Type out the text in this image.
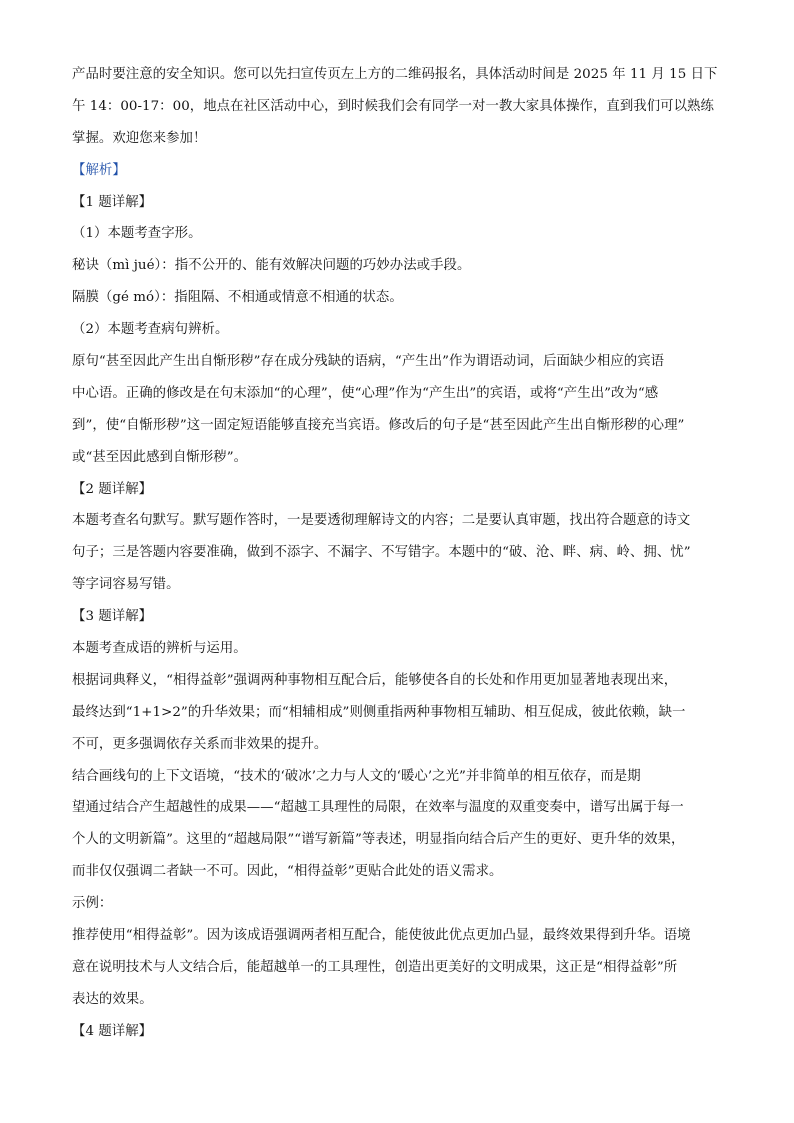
产品时要注意的安全知识。您可以先扫宣传页左上方的二维码报名，具体活动时间是 2025 年 11 月 15 日下
午 14：00-17：00，地点在社区活动中心，到时候我们会有同学一对一教大家具体操作，直到我们可以熟练
掌握。欢迎您来参加！
【解析】
【1 题详解】
（1）本题考查字形。
秘诀（mì jué）：指不公开的、能有效解决问题的巧妙办法或手段。
隔膜（gé mó）：指阻隔、不相通或情意不相通的状态。
（2）本题考查病句辨析。
原句“甚至因此产生出自惭形秽”存在成分残缺的语病，“产生出”作为谓语动词，后面缺少相应的宾语
中心语。正确的修改是在句末添加“的心理”，使“心理”作为“产生出”的宾语，或将“产生出”改为“感
到”，使“自惭形秽”这一固定短语能够直接充当宾语。修改后的句子是“甚至因此产生出自惭形秽的心理”
或“甚至因此感到自惭形秽”。
【2 题详解】
本题考查名句默写。默写题作答时，一是要透彻理解诗文的内容；二是要认真审题，找出符合题意的诗文
句子；三是答题内容要准确，做到不添字、不漏字、不写错字。本题中的“破、沧、畔、病、岭、拥、忧”
等字词容易写错。
【3 题详解】
本题考查成语的辨析与运用。
根据词典释义，“相得益彰”强调两种事物相互配合后，能够使各自的长处和作用更加显著地表现出来，
最终达到“1+1>2”的升华效果；而“相辅相成”则侧重指两种事物相互辅助、相互促成，彼此依赖，缺一
不可，更多强调依存关系而非效果的提升。
结合画线句的上下文语境，“技术的‘破冰’之力与人文的‘暖心’之光”并非简单的相互依存，而是期
望通过结合产生超越性的成果——“超越工具理性的局限，在效率与温度的双重变奏中，谱写出属于每一
个人的文明新篇”。这里的“超越局限”“谱写新篇”等表述，明显指向结合后产生的更好、更升华的效果，
而非仅仅强调二者缺一不可。因此，“相得益彰”更贴合此处的语义需求。
示例：
推荐使用“相得益彰”。因为该成语强调两者相互配合，能使彼此优点更加凸显，最终效果得到升华。语境
意在说明技术与人文结合后，能超越单一的工具理性，创造出更美好的文明成果，这正是“相得益彰”所
表达的效果。
【4 题详解】
